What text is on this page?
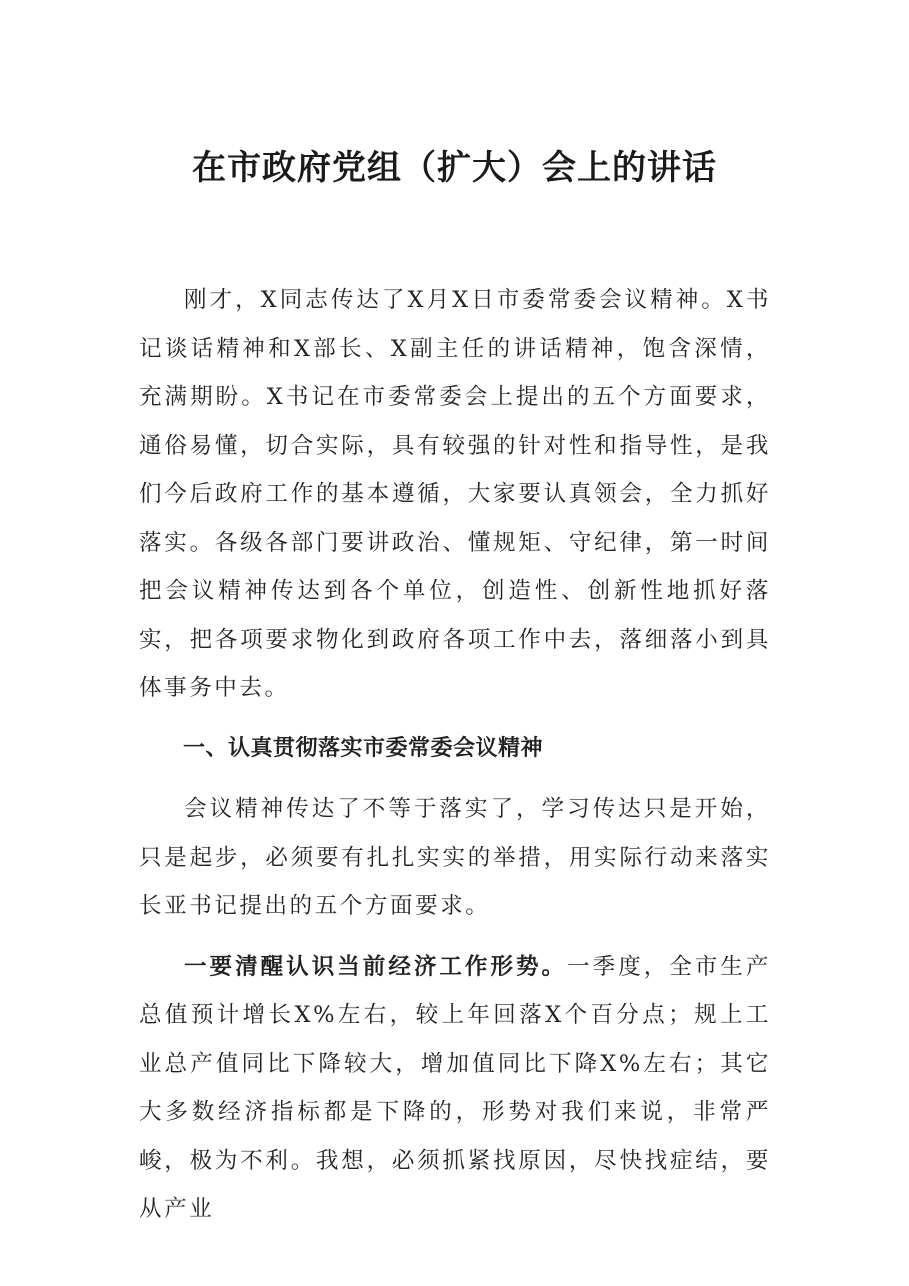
在市政府党组（扩大）会上的讲话

刚才，X同志传达了X月X日市委常委会议精神。X书记谈话精神和X部长、X副主任的讲话精神，饱含深情，充满期盼。X书记在市委常委会上提出的五个方面要求，通俗易懂，切合实际，具有较强的针对性和指导性，是我们今后政府工作的基本遵循，大家要认真领会，全力抓好落实。各级各部门要讲政治、懂规矩、守纪律，第一时间把会议精神传达到各个单位，创造性、创新性地抓好落实，把各项要求物化到政府各项工作中去，落细落小到具体事务中去。

一、认真贯彻落实市委常委会议精神

会议精神传达了不等于落实了，学习传达只是开始，只是起步，必须要有扎扎实实的举措，用实际行动来落实长亚书记提出的五个方面要求。

一要清醒认识当前经济工作形势。一季度，全市生产总值预计增长X%左右，较上年回落X个百分点；规上工业总产值同比下降较大，增加值同比下降X%左右；其它大多数经济指标都是下降的，形势对我们来说，非常严峻，极为不利。我想，必须抓紧找原因，尽快找症结，要从产业
